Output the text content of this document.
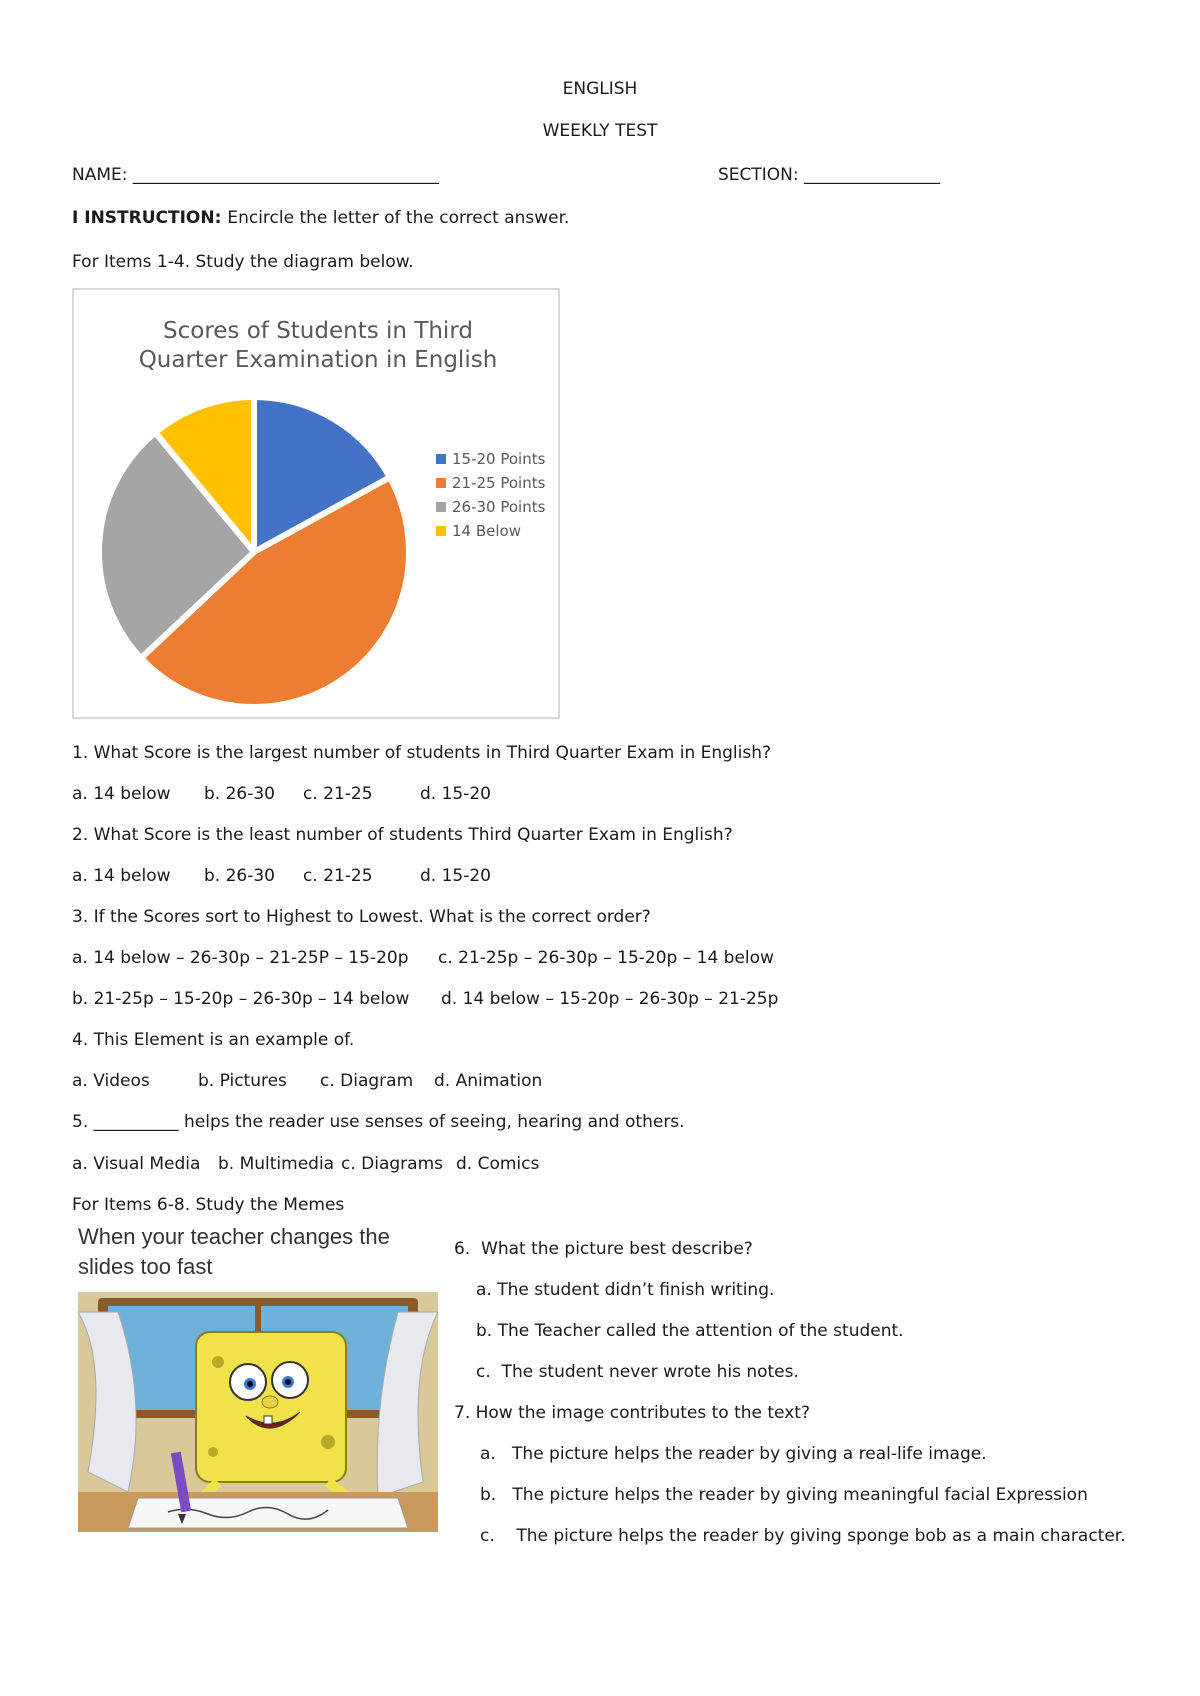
ENGLISH
WEEKLY TEST
NAME: ____________________________________	SECTION: ________________
I INSTRUCTION: Encircle the letter of the correct answer.
For Items 1-4. Study the diagram below.
Scores of Students in Third
Quarter Examination in English
15-20 Points
21-25 Points
26-30 Points
14 Below
1. What Score is the largest number of students in Third Quarter Exam in English?
a. 14 below b. 26-30 c. 21-25	d. 15-20
2. What Score is the least number of students Third Quarter Exam in English?
a. 14 below b. 26-30 c. 21-25	d. 15-20
3. If the Scores sort to Highest to Lowest. What is the correct order?
a. 14 below – 26-30p – 21-25P – 15-20p c. 21-25p – 26-30p – 15-20p – 14 below
b. 21-25p – 15-20p – 26-30p – 14 below d. 14 below – 15-20p – 26-30p – 21-25p
4. This Element is an example of.
a. Videos	b. Pictures c. Diagram d. Animation
5. __________ helps the reader use senses of seeing, hearing and others.
a. Visual Media b. Multimedia c. Diagrams d. Comics
For Items 6-8. Study the Memes
When your teacher changes the slides too fast
6.  What the picture best describe?
a. The student didn’t finish writing.
b. The Teacher called the attention of the student.
c.  The student never wrote his notes.
7. How the image contributes to the text?
a.   The picture helps the reader by giving a real-life image.
b.   The picture helps the reader by giving meaningful facial Expression
c.    The picture helps the reader by giving sponge bob as a main character.
